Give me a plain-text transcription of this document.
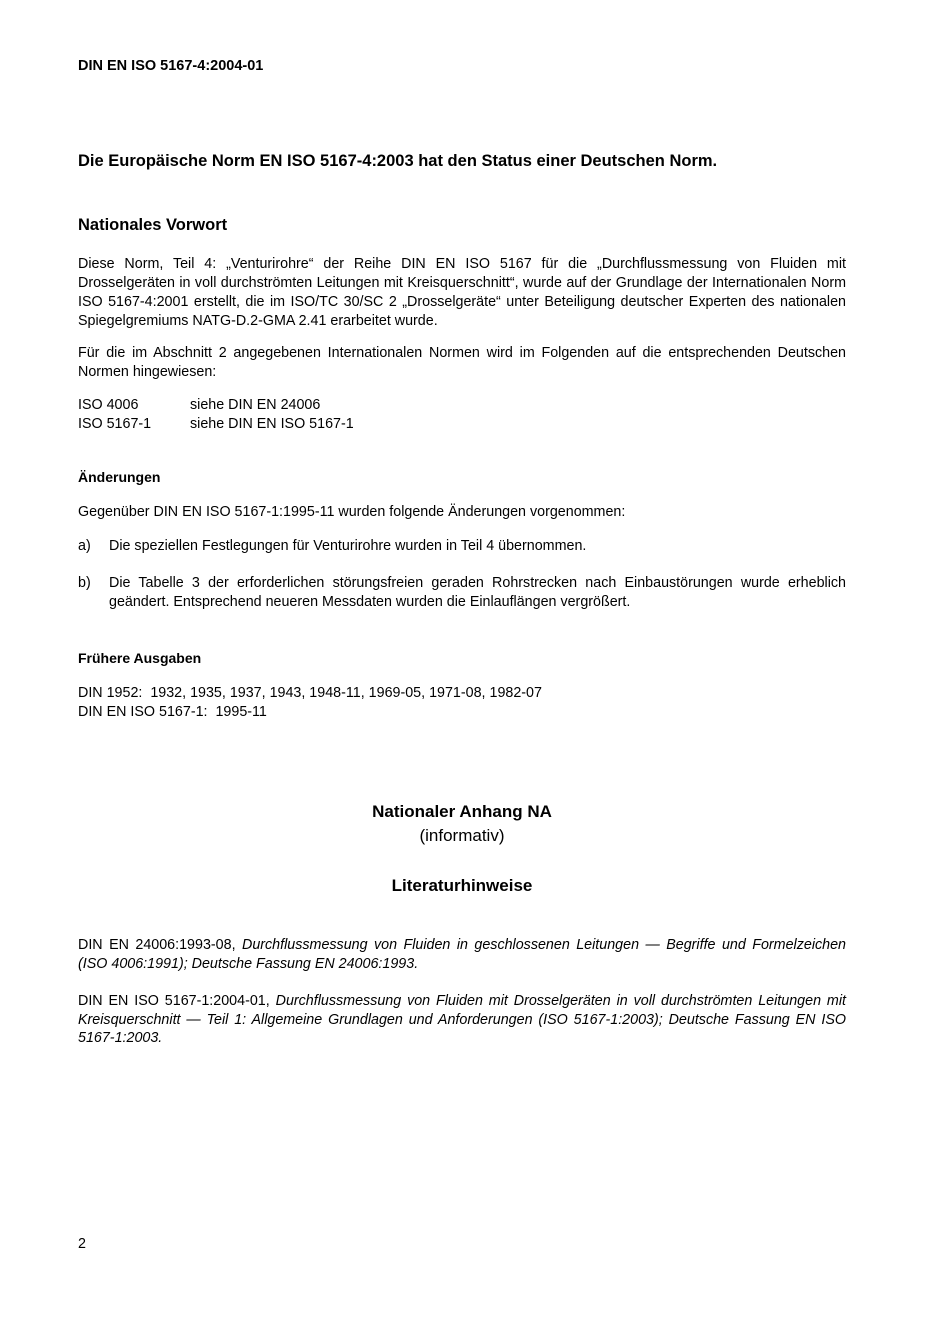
DIN EN ISO 5167-4:2004-01
Die Europäische Norm EN ISO 5167-4:2003 hat den Status einer Deutschen Norm.
Nationales Vorwort
Diese Norm, Teil 4: „Venturirohre“ der Reihe DIN EN ISO 5167 für die „Durchflussmessung von Fluiden mit Drosselgeräten in voll durchströmten Leitungen mit Kreisquerschnitt“, wurde auf der Grundlage der Internationalen Norm ISO 5167-4:2001 erstellt, die im ISO/TC 30/SC 2 „Drosselgeräte“ unter Beteiligung deutscher Experten des nationalen Spiegelgremiums NATG-D.2-GMA 2.41 erarbeitet wurde.
Für die im Abschnitt 2 angegebenen Internationalen Normen wird im Folgenden auf die entsprechenden Deutschen Normen hingewiesen:
ISO 4006	siehe DIN EN 24006
ISO 5167-1	siehe DIN EN ISO 5167-1
Änderungen
Gegenüber DIN EN ISO 5167-1:1995-11 wurden folgende Änderungen vorgenommen:
a)	Die speziellen Festlegungen für Venturirohre wurden in Teil 4 übernommen.
b)	Die Tabelle 3 der erforderlichen störungsfreien geraden Rohrstrecken nach Einbaustörungen wurde erheblich geändert. Entsprechend neueren Messdaten wurden die Einlauflängen vergrößert.
Frühere Ausgaben
DIN 1952:  1932, 1935, 1937, 1943, 1948-11, 1969-05, 1971-08, 1982-07
DIN EN ISO 5167-1:  1995-11
Nationaler Anhang NA
(informativ)
Literaturhinweise
DIN EN 24006:1993-08, Durchflussmessung von Fluiden in geschlossenen Leitungen — Begriffe und Formelzeichen (ISO 4006:1991); Deutsche Fassung EN 24006:1993.
DIN EN ISO 5167-1:2004-01, Durchflussmessung von Fluiden mit Drosselgeräten in voll durchströmten Leitungen mit Kreisquerschnitt — Teil 1: Allgemeine Grundlagen und Anforderungen (ISO 5167-1:2003); Deutsche Fassung EN ISO 5167-1:2003.
2
